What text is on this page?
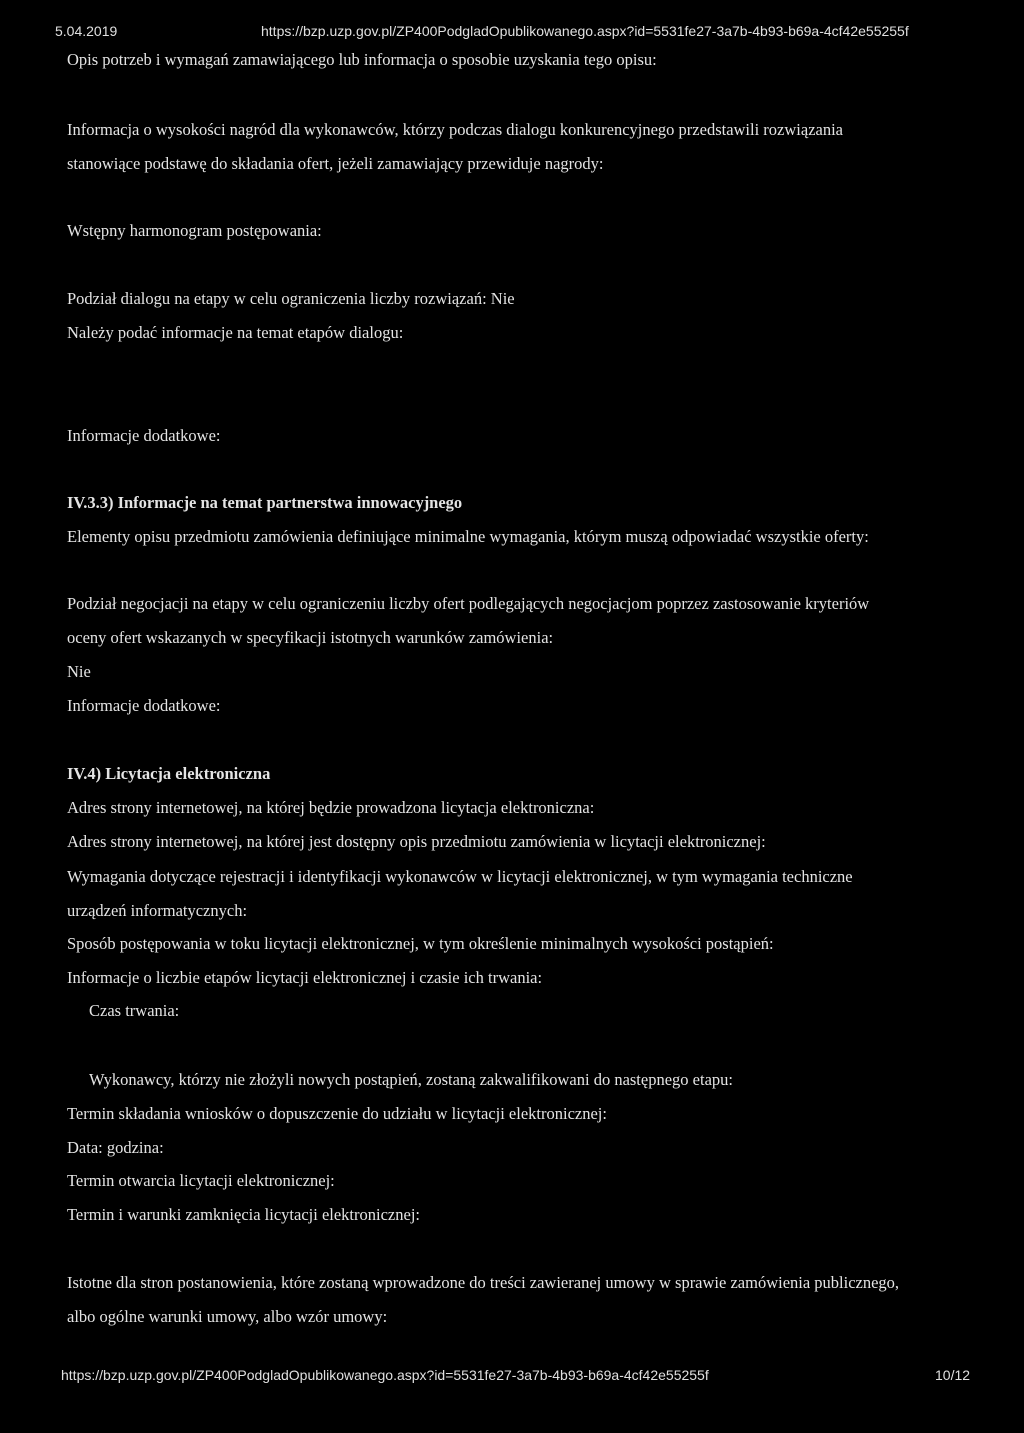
5.04.2019	https://bzp.uzp.gov.pl/ZP400PodgladOpublikowanego.aspx?id=5531fe27-3a7b-4b93-b69a-4cf42e55255f
Opis potrzeb i wymagań zamawiającego lub informacja o sposobie uzyskania tego opisu:
Informacja o wysokości nagród dla wykonawców, którzy podczas dialogu konkurencyjnego przedstawili rozwiązania
stanowiące podstawę do składania ofert, jeżeli zamawiający przewiduje nagrody:
Wstępny harmonogram postępowania:
Podział dialogu na etapy w celu ograniczenia liczby rozwiązań: Nie
Należy podać informacje na temat etapów dialogu:
Informacje dodatkowe:
IV.3.3) Informacje na temat partnerstwa innowacyjnego
Elementy opisu przedmiotu zamówienia definiujące minimalne wymagania, którym muszą odpowiadać wszystkie oferty:
Podział negocjacji na etapy w celu ograniczeniu liczby ofert podlegających negocjacjom poprzez zastosowanie kryteriów
oceny ofert wskazanych w specyfikacji istotnych warunków zamówienia:
Nie
Informacje dodatkowe:
IV.4) Licytacja elektroniczna
Adres strony internetowej, na której będzie prowadzona licytacja elektroniczna:
Adres strony internetowej, na której jest dostępny opis przedmiotu zamówienia w licytacji elektronicznej:
Wymagania dotyczące rejestracji i identyfikacji wykonawców w licytacji elektronicznej, w tym wymagania techniczne
urządzeń informatycznych:
Sposób postępowania w toku licytacji elektronicznej, w tym określenie minimalnych wysokości postąpień:
Informacje o liczbie etapów licytacji elektronicznej i czasie ich trwania:
Czas trwania:
Wykonawcy, którzy nie złożyli nowych postąpień, zostaną zakwalifikowani do następnego etapu:
Termin składania wniosków o dopuszczenie do udziału w licytacji elektronicznej:
Data: godzina:
Termin otwarcia licytacji elektronicznej:
Termin i warunki zamknięcia licytacji elektronicznej:
Istotne dla stron postanowienia, które zostaną wprowadzone do treści zawieranej umowy w sprawie zamówienia publicznego,
albo ogólne warunki umowy, albo wzór umowy:
https://bzp.uzp.gov.pl/ZP400PodgladOpublikowanego.aspx?id=5531fe27-3a7b-4b93-b69a-4cf42e55255f	10/12
